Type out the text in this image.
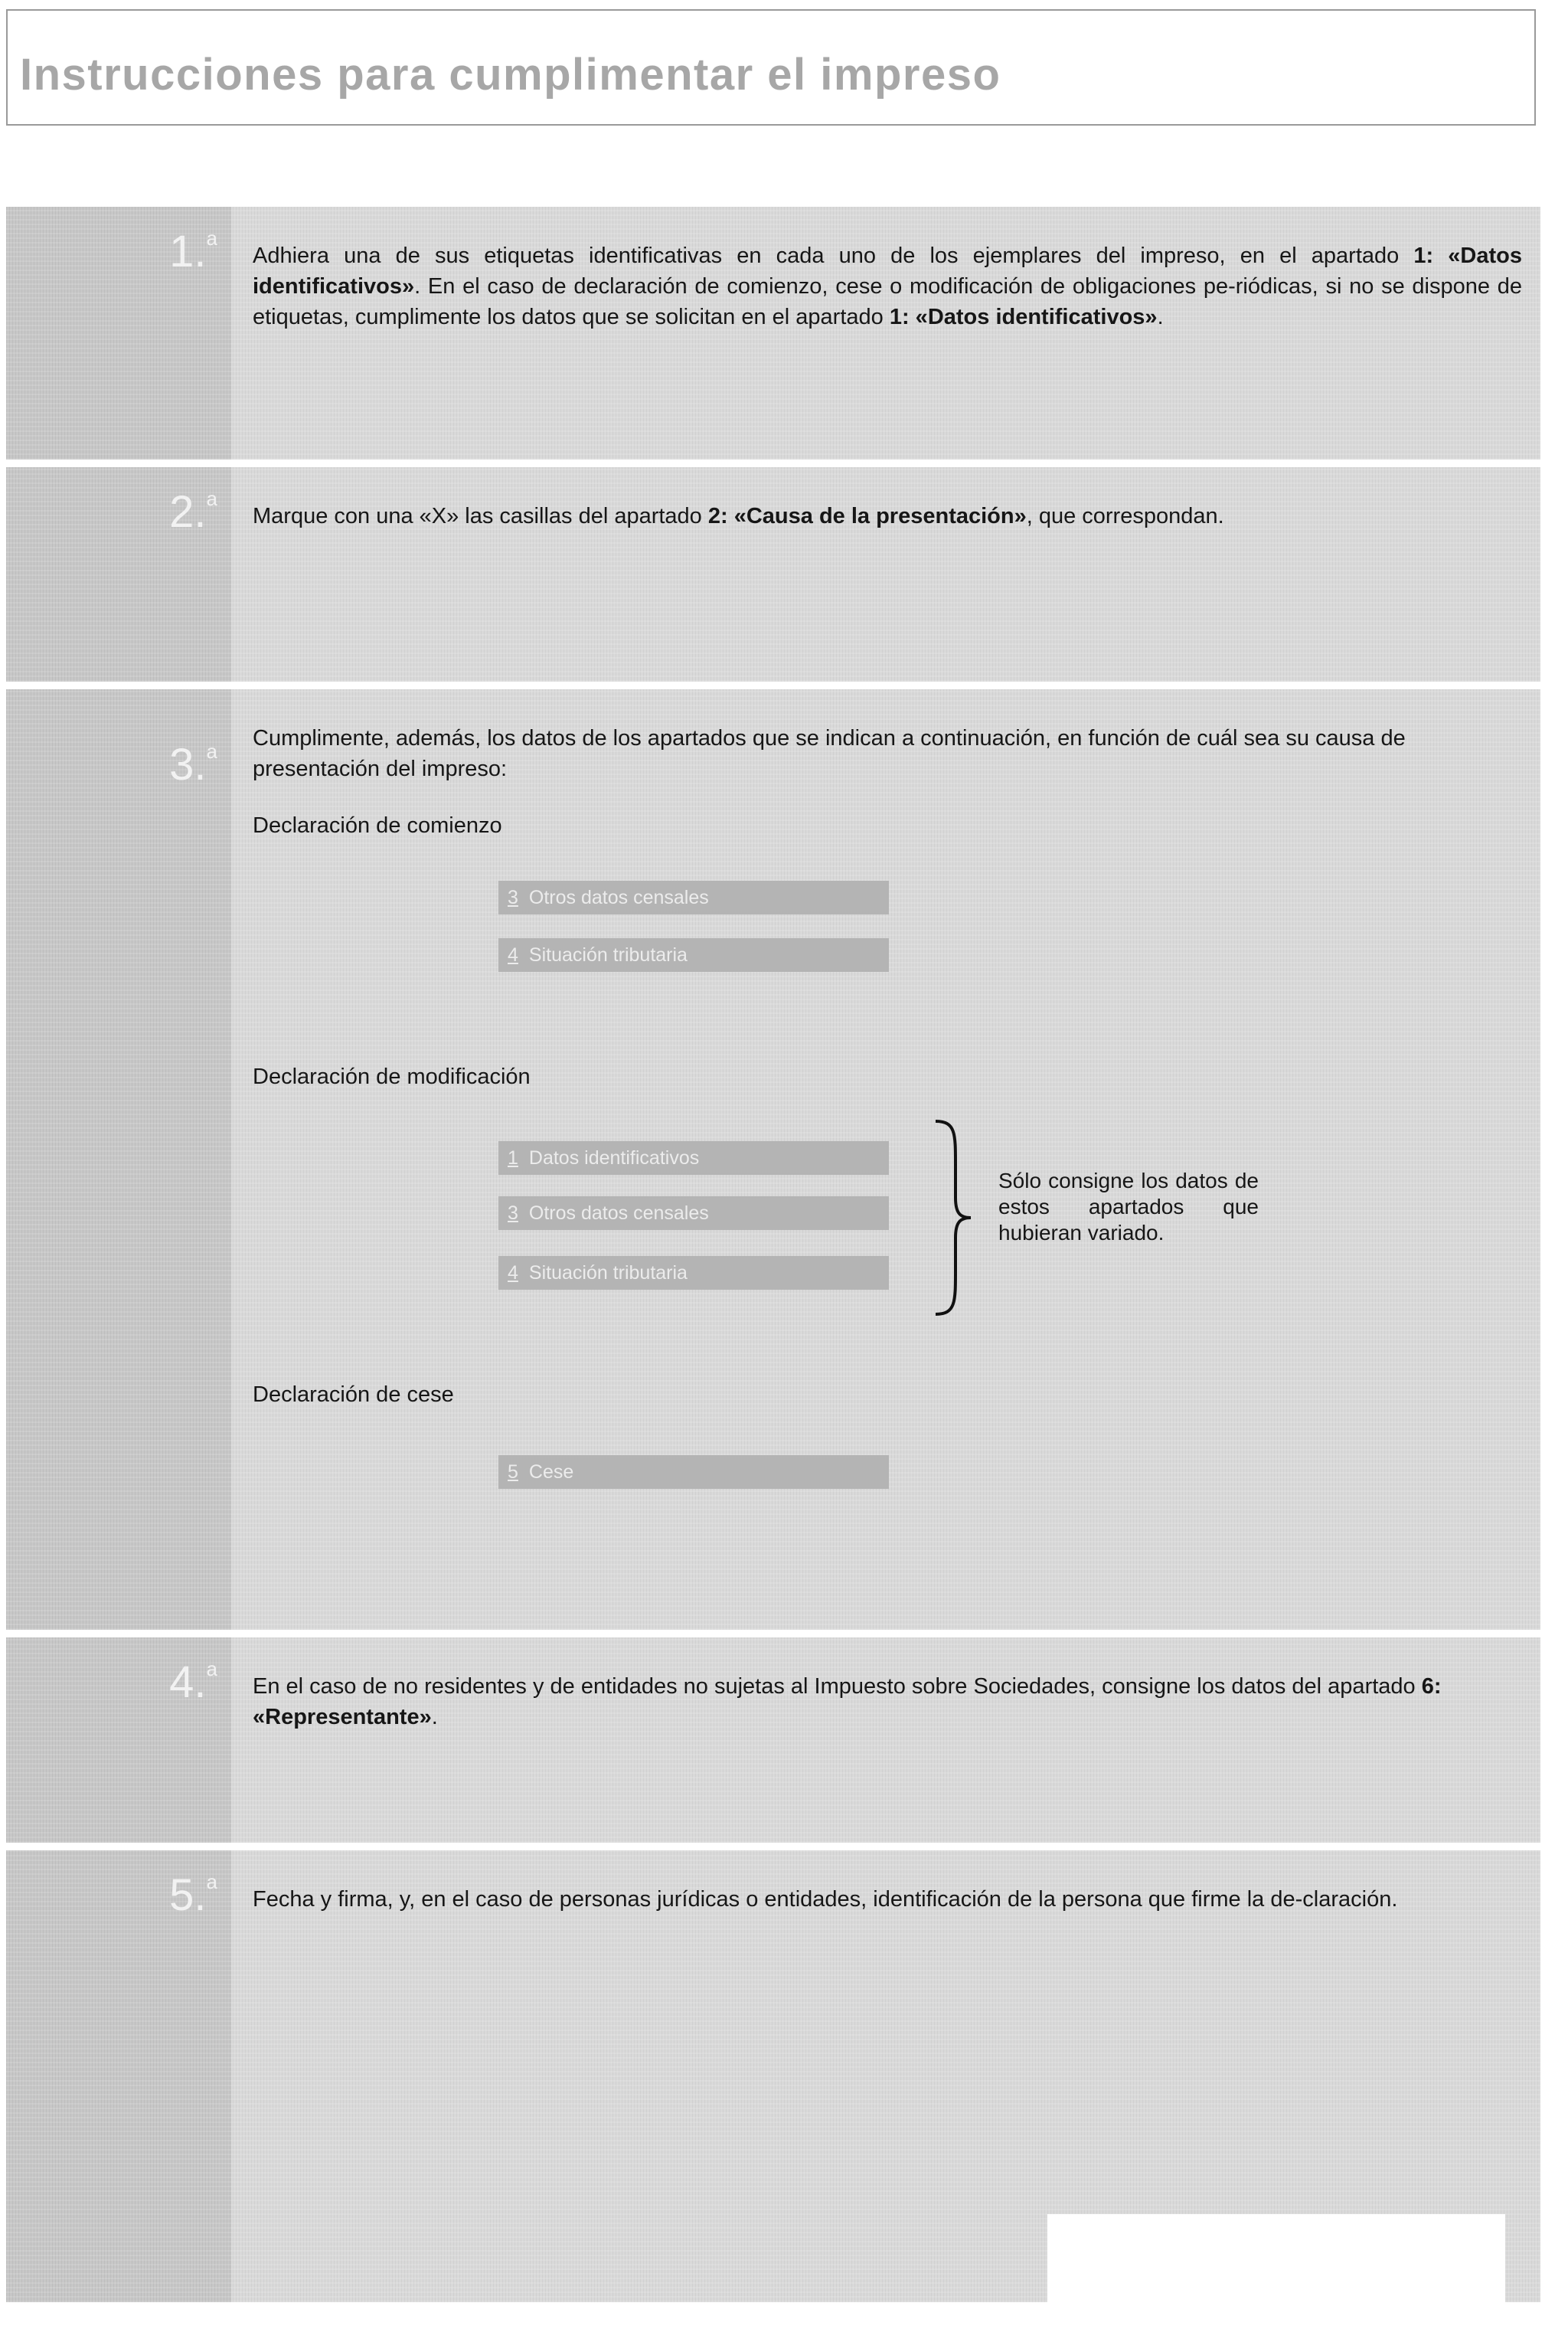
Instrucciones para cumplimentar el impreso
1.$^a$
Adhiera una de sus etiquetas identificativas en cada uno de los ejemplares del impreso, en el apartado 1: «Datos identificativos». En el caso de declaración de comienzo, cese o modificación de obligaciones pe-riódicas, si no se dispone de etiquetas, cumplimente los datos que se solicitan en el apartado 1: «Datos identificativos».
2.$^a$
Marque con una «X» las casillas del apartado 2: «Causa de la presentación», que correspondan.
3.$^a$

Cumplimente, además, los datos de los apartados que se indican a continuación, en función de cuál sea su causa de presentación del impreso:

Declaración de comienzo
3 Otros datos censales
4 Situación tributaria
Declaración de modificación
1 Datos identificativos
3 Otros datos censales
4 Situación tributaria
Sólo consigne los datos de estos apartados que hubieran variado.
Declaración de cese
5 Cese
4.$^a$
En el caso de no residentes y de entidades no sujetas al Impuesto sobre Sociedades, consigne los datos del apartado 6: «Representante».
5.$^a$
Fecha y firma, y, en el caso de personas jurídicas o entidades, identificación de la persona que firme la de-claración.
